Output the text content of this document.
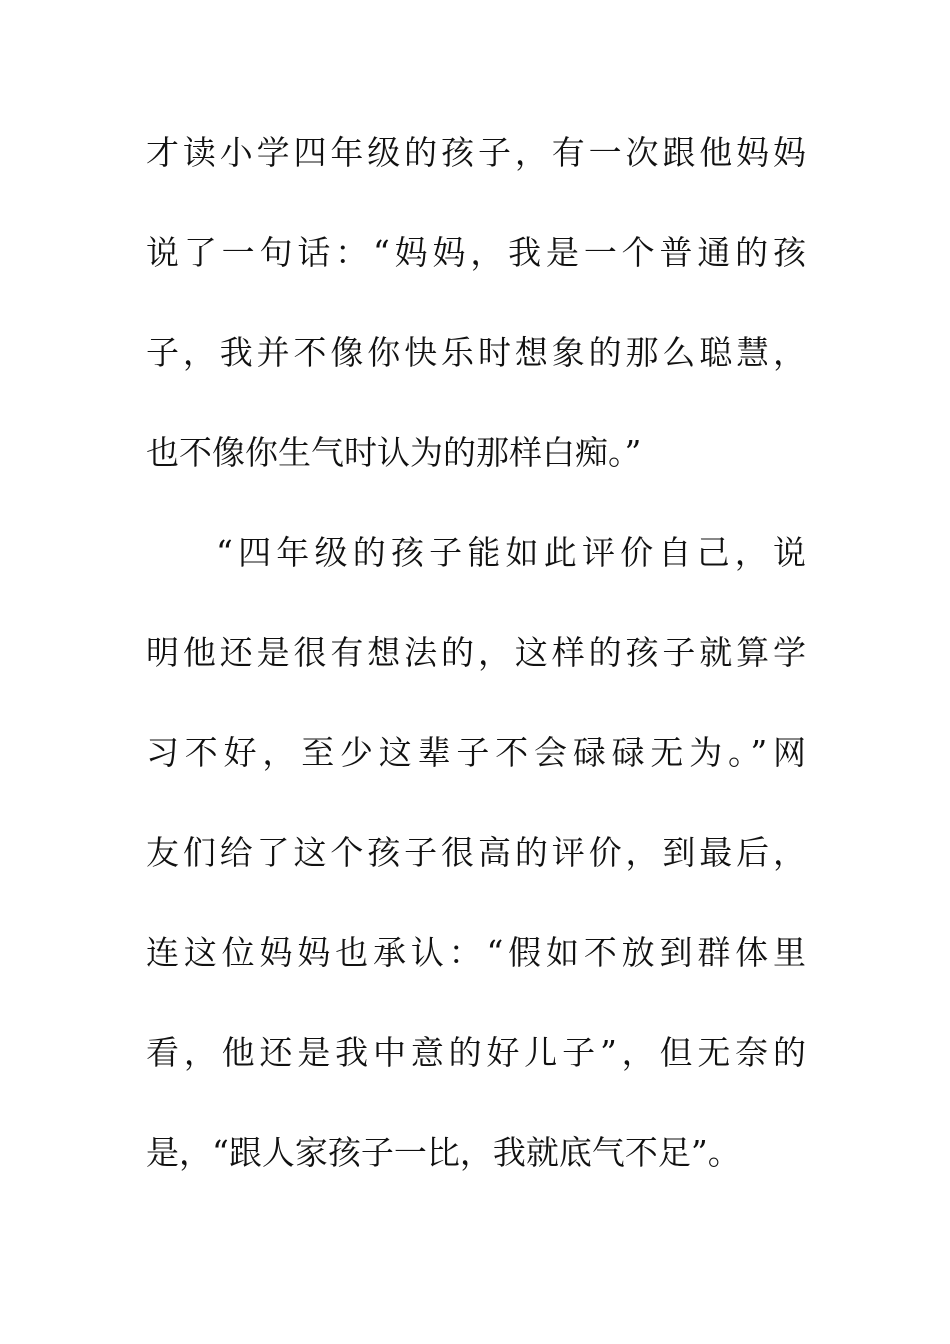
才读小学四年级的孩子，有一次跟他妈妈
说了一句话：“妈妈，我是一个普通的孩
子，我并不像你快乐时想象的那么聪慧，
也不像你生气时认为的那样白痴。”
“四年级的孩子能如此评价自己，说
明他还是很有想法的，这样的孩子就算学
习不好，至少这辈子不会碌碌无为。”网
友们给了这个孩子很高的评价，到最后，
连这位妈妈也承认：“假如不放到群体里
看，他还是我中意的好儿子”，但无奈的
是，“跟人家孩子一比，我就底气不足”。
